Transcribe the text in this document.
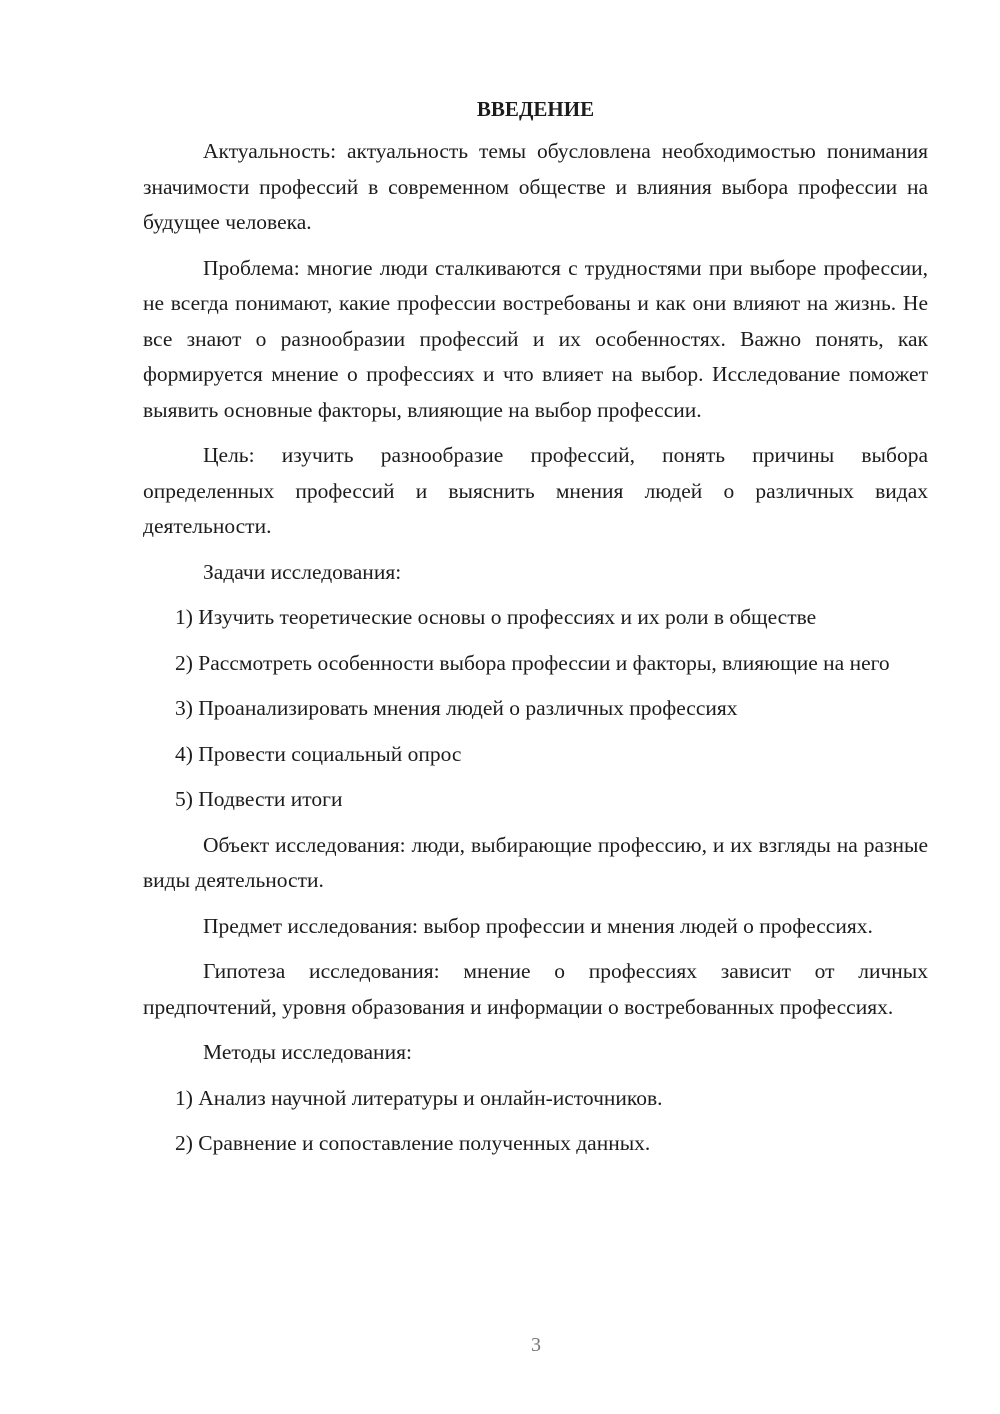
ВВЕДЕНИЕ
Актуальность: актуальность темы обусловлена необходимостью понимания значимости профессий в современном обществе и влияния выбора профессии на будущее человека.
Проблема: многие люди сталкиваются с трудностями при выборе профессии, не всегда понимают, какие профессии востребованы и как они влияют на жизнь. Не все знают о разнообразии профессий и их особенностях. Важно понять, как формируется мнение о профессиях и что влияет на выбор. Исследование поможет выявить основные факторы, влияющие на выбор профессии.
Цель: изучить разнообразие профессий, понять причины выбора определенных профессий и выяснить мнения людей о различных видах деятельности.
Задачи исследования:
1) Изучить теоретические основы о профессиях и их роли в обществе
2) Рассмотреть особенности выбора профессии и факторы, влияющие на него
3) Проанализировать мнения людей о различных профессиях
4) Провести социальный опрос
5) Подвести итоги
Объект исследования: люди, выбирающие профессию, и их взгляды на разные виды деятельности.
Предмет исследования: выбор профессии и мнения людей о профессиях.
Гипотеза исследования: мнение о профессиях зависит от личных предпочтений, уровня образования и информации о востребованных профессиях.
Методы исследования:
1) Анализ научной литературы и онлайн-источников.
2) Сравнение и сопоставление полученных данных.
3
